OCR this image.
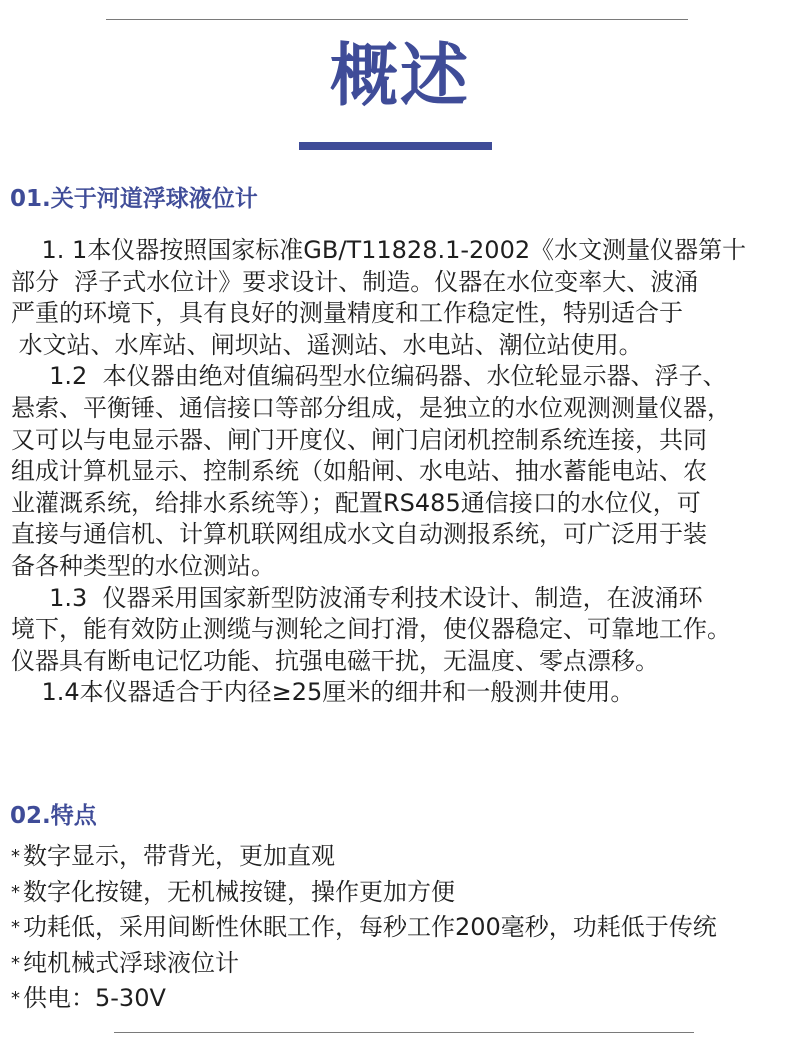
概述
01.关于河道浮球液位计
1. 1本仪器按照国家标准GB/T11828.1-2002《水文测量仪器第十
部分  浮子式水位计》要求设计、制造。仪器在水位变率大、波涌
严重的环境下，具有良好的测量精度和工作稳定性，特别适合于
水文站、水库站、闸坝站、遥测站、水电站、潮位站使用。
1.2  本仪器由绝对值编码型水位编码器、水位轮显示器、浮子、
悬索、平衡锤、通信接口等部分组成，是独立的水位观测测量仪器，
又可以与电显示器、闸门开度仪、闸门启闭机控制系统连接，共同
组成计算机显示、控制系统（如船闸、水电站、抽水蓄能电站、农
业灌溉系统，给排水系统等）；配置RS485通信接口的水位仪，可
直接与通信机、计算机联网组成水文自动测报系统，可广泛用于装
备各种类型的水位测站。
1.3  仪器采用国家新型防波涌专利技术设计、制造，在波涌环
境下，能有效防止测缆与测轮之间打滑，使仪器稳定、可靠地工作。
仪器具有断电记忆功能、抗强电磁干扰，无温度、零点漂移。
1.4本仪器适合于内径≥25厘米的细井和一般测井使用。
02.特点
* 数字显示，带背光，更加直观
* 数字化按键，无机械按键，操作更加方便
* 功耗低，采用间断性休眠工作，每秒工作200毫秒，功耗低于传统
* 纯机械式浮球液位计
* 供电：5-30V
